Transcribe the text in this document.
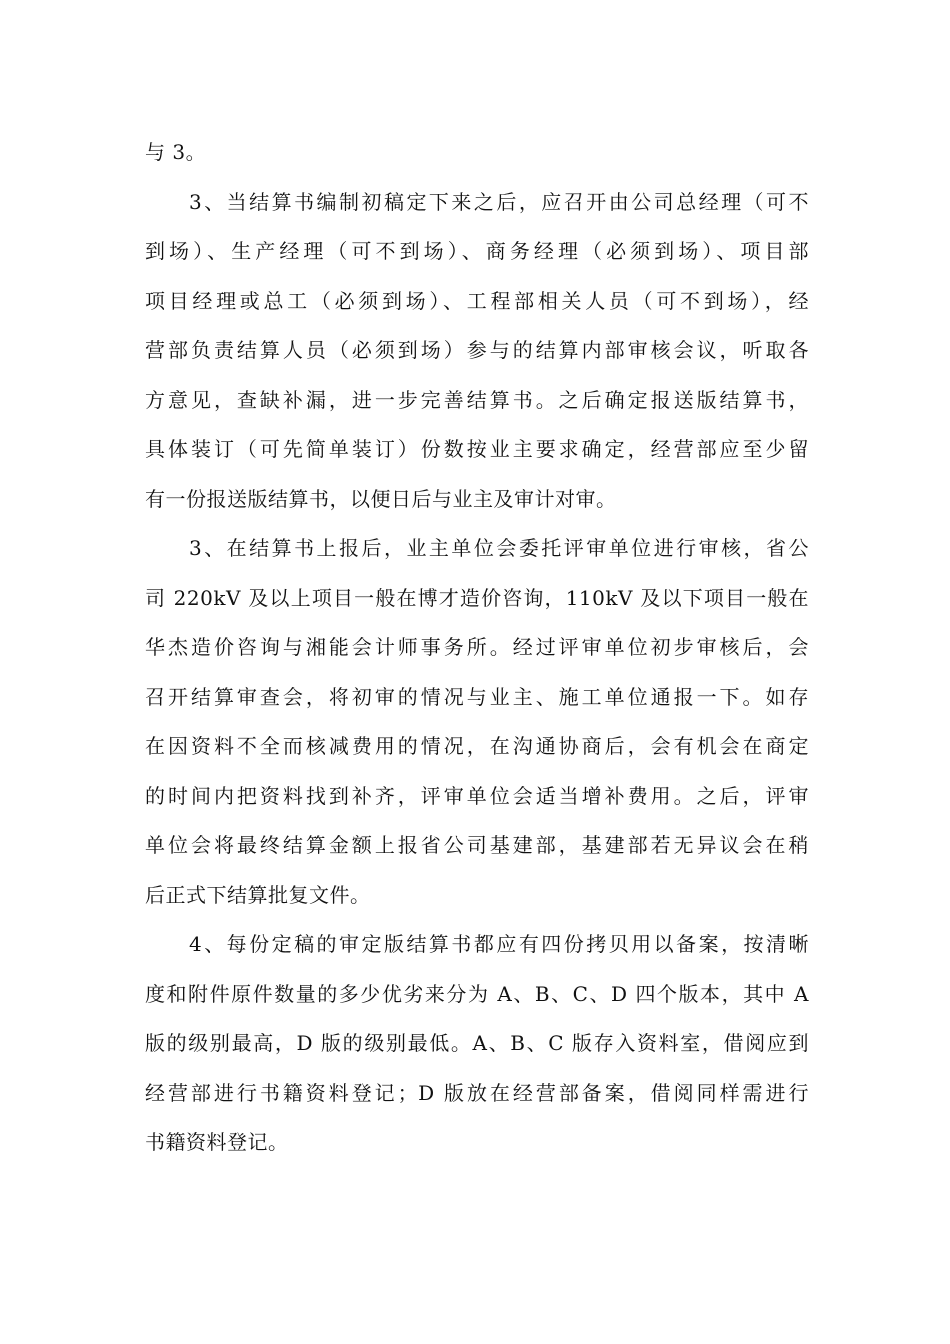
与 3。
3、当结算书编制初稿定下来之后，应召开由公司总经理（可不
到场）、生产经理（可不到场）、商务经理（必须到场）、项目部
项目经理或总工（必须到场）、工程部相关人员（可不到场），经
营部负责结算人员（必须到场）参与的结算内部审核会议，听取各
方意见，查缺补漏，进一步完善结算书。之后确定报送版结算书，
具体装订（可先简单装订）份数按业主要求确定，经营部应至少留
有一份报送版结算书，以便日后与业主及审计对审。
3、在结算书上报后，业主单位会委托评审单位进行审核，省公
司 220kV 及以上项目一般在博才造价咨询，110kV 及以下项目一般在
华杰造价咨询与湘能会计师事务所。经过评审单位初步审核后，会
召开结算审查会，将初审的情况与业主、施工单位通报一下。如存
在因资料不全而核减费用的情况，在沟通协商后，会有机会在商定
的时间内把资料找到补齐，评审单位会适当增补费用。之后，评审
单位会将最终结算金额上报省公司基建部，基建部若无异议会在稍
后正式下结算批复文件。
4、每份定稿的审定版结算书都应有四份拷贝用以备案，按清晰
度和附件原件数量的多少优劣来分为 A、B、C、D 四个版本，其中 A
版的级别最高，D 版的级别最低。A、B、C 版存入资料室，借阅应到
经营部进行书籍资料登记；D 版放在经营部备案，借阅同样需进行
书籍资料登记。
